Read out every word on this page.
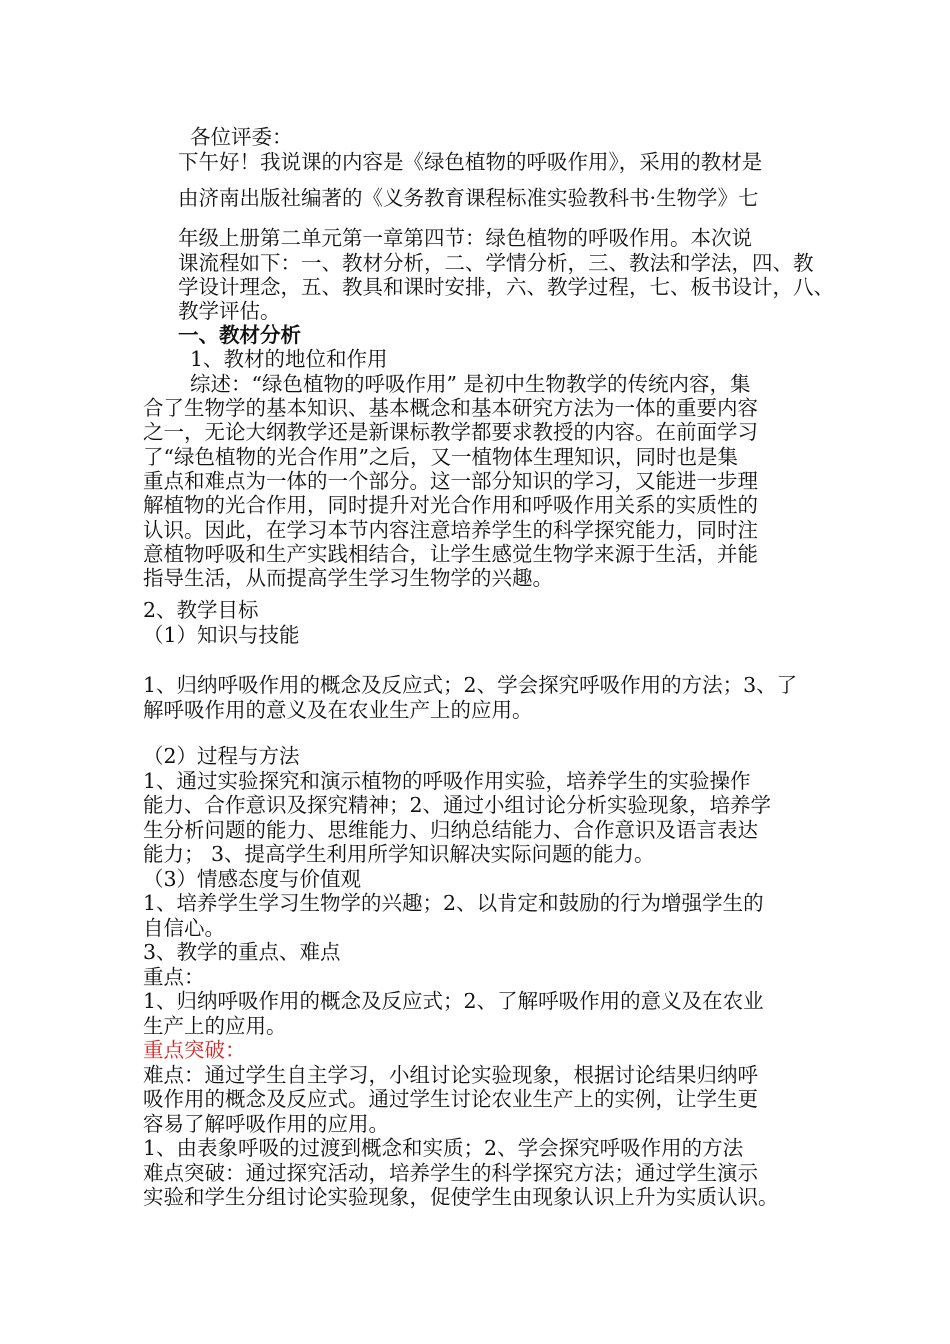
各位评委：

下午好！我说课的内容是《绿色植物的呼吸作用》，采用的教材是

由济南出版社编著的《义务教育课程标准实验教科书·生物学》七

年级上册第二单元第一章第四节：绿色植物的呼吸作用。本次说

课流程如下：一、教材分析，二、学情分析，三、教法和学法，四、教

学设计理念，五、教具和课时安排，六、教学过程，七、板书设计，八、

教学评估。

一、教材分析

1、教材的地位和作用

综述：“绿色植物的呼吸作用” 是初中生物教学的传统内容，集

合了生物学的基本知识、基本概念和基本研究方法为一体的重要内容

之一，无论大纲教学还是新课标教学都要求教授的内容。在前面学习

了“绿色植物的光合作用”之后，又一植物体生理知识，同时也是集

重点和难点为一体的一个部分。这一部分知识的学习，又能进一步理

解植物的光合作用，同时提升对光合作用和呼吸作用关系的实质性的

认识。因此，在学习本节内容注意培养学生的科学探究能力，同时注

意植物呼吸和生产实践相结合，让学生感觉生物学来源于生活，并能

指导生活，从而提高学生学习生物学的兴趣。

2、教学目标

（1）知识与技能

1、归纳呼吸作用的概念及反应式；2、学会探究呼吸作用的方法；3、了

解呼吸作用的意义及在农业生产上的应用。

（2）过程与方法

1、通过实验探究和演示植物的呼吸作用实验，培养学生的实验操作

能力、合作意识及探究精神；2、通过小组讨论分析实验现象，培养学

生分析问题的能力、思维能力、归纳总结能力、合作意识及语言表达

能力； 3、提高学生利用所学知识解决实际问题的能力。

（3）情感态度与价值观

1、培养学生学习生物学的兴趣；2、以肯定和鼓励的行为增强学生的

自信心。

3、教学的重点、难点

重点：

1、归纳呼吸作用的概念及反应式；2、了解呼吸作用的意义及在农业

生产上的应用。

重点突破：

难点：通过学生自主学习，小组讨论实验现象，根据讨论结果归纳呼

吸作用的概念及反应式。通过学生讨论农业生产上的实例，让学生更

容易了解呼吸作用的应用。

1、由表象呼吸的过渡到概念和实质；2、学会探究呼吸作用的方法

难点突破：通过探究活动，培养学生的科学探究方法；通过学生演示

实验和学生分组讨论实验现象，促使学生由现象认识上升为实质认识。
